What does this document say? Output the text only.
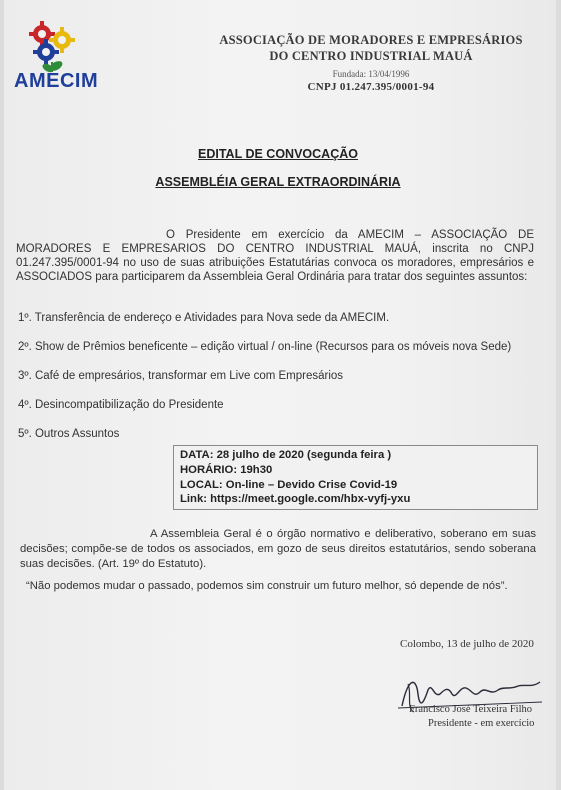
AMECIM
ASSOCIAÇÃO DE MORADORES E EMPRESÁRIOS
DO CENTRO INDUSTRIAL MAUÁ
Fundada: 13/04/1996
CNPJ 01.247.395/0001-94
EDITAL DE CONVOCAÇÃO
ASSEMBLÉIA GERAL EXTRAORDINÁRIA
O Presidente em exercício da AMECIM – ASSOCIAÇÃO DE MORADORES E EMPRESARIOS DO CENTRO INDUSTRIAL MAUÁ, inscrita no CNPJ 01.247.395/0001-94 no uso de suas atribuições Estatutárias convoca os moradores, empresários e ASSOCIADOS para participarem da Assembleia Geral Ordinária para tratar dos seguintes assuntos:
1º. Transferência de endereço e Atividades para Nova sede da AMECIM.
2º. Show de Prêmios beneficente – edição virtual / on-line (Recursos para os móveis nova Sede)
3º. Café de empresários, transformar em Live com Empresários
4º. Desincompatibilização do Presidente
5º. Outros Assuntos
DATA: 28 julho de 2020 (segunda feira )
HORÁRIO: 19h30
LOCAL: On-line – Devido Crise Covid-19
Link: https://meet.google.com/hbx-vyfj-yxu
A Assembleia Geral é o órgão normativo e deliberativo, soberano em suas decisões; compõe-se de todos os associados, em gozo de seus direitos estatutários, sendo soberana suas decisões. (Art. 19º do Estatuto).
“Não podemos mudar o passado, podemos sim construir um futuro melhor, só depende de nós”.
Colombo, 13 de julho de 2020
Francisco José Teixeira Filho
Presidente - em exercício
